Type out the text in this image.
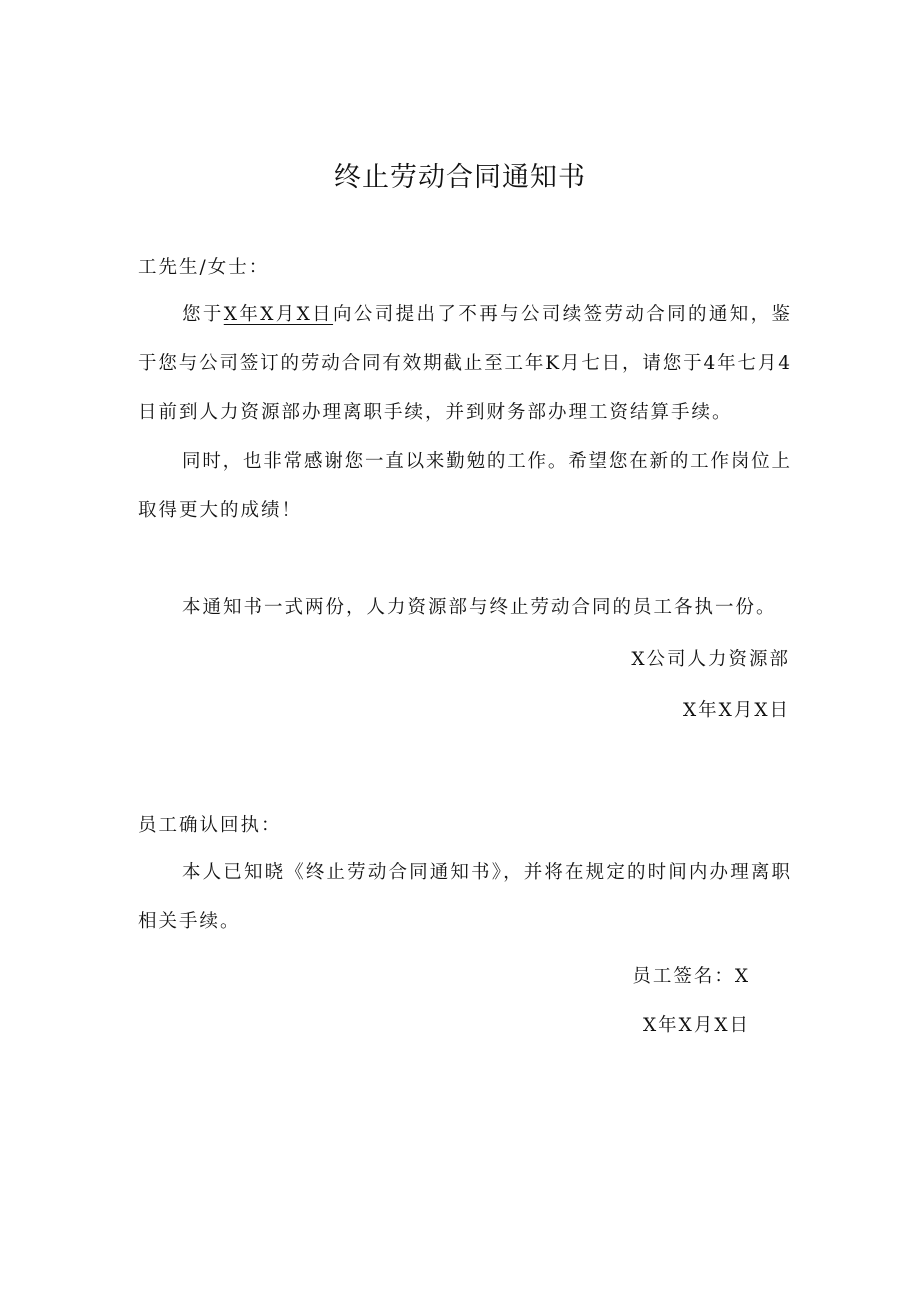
终止劳动合同通知书
工先生/女士：
您于X年X月X日向公司提出了不再与公司续签劳动合同的通知，鉴
于您与公司签订的劳动合同有效期截止至工年K月七日，请您于4年七月4
日前到人力资源部办理离职手续，并到财务部办理工资结算手续。
同时，也非常感谢您一直以来勤勉的工作。希望您在新的工作岗位上
取得更大的成绩！
本通知书一式两份，人力资源部与终止劳动合同的员工各执一份。
X公司人力资源部
X年X月X日
员工确认回执：
本人已知晓《终止劳动合同通知书》，并将在规定的时间内办理离职
相关手续。
员工签名：X
X年X月X日
